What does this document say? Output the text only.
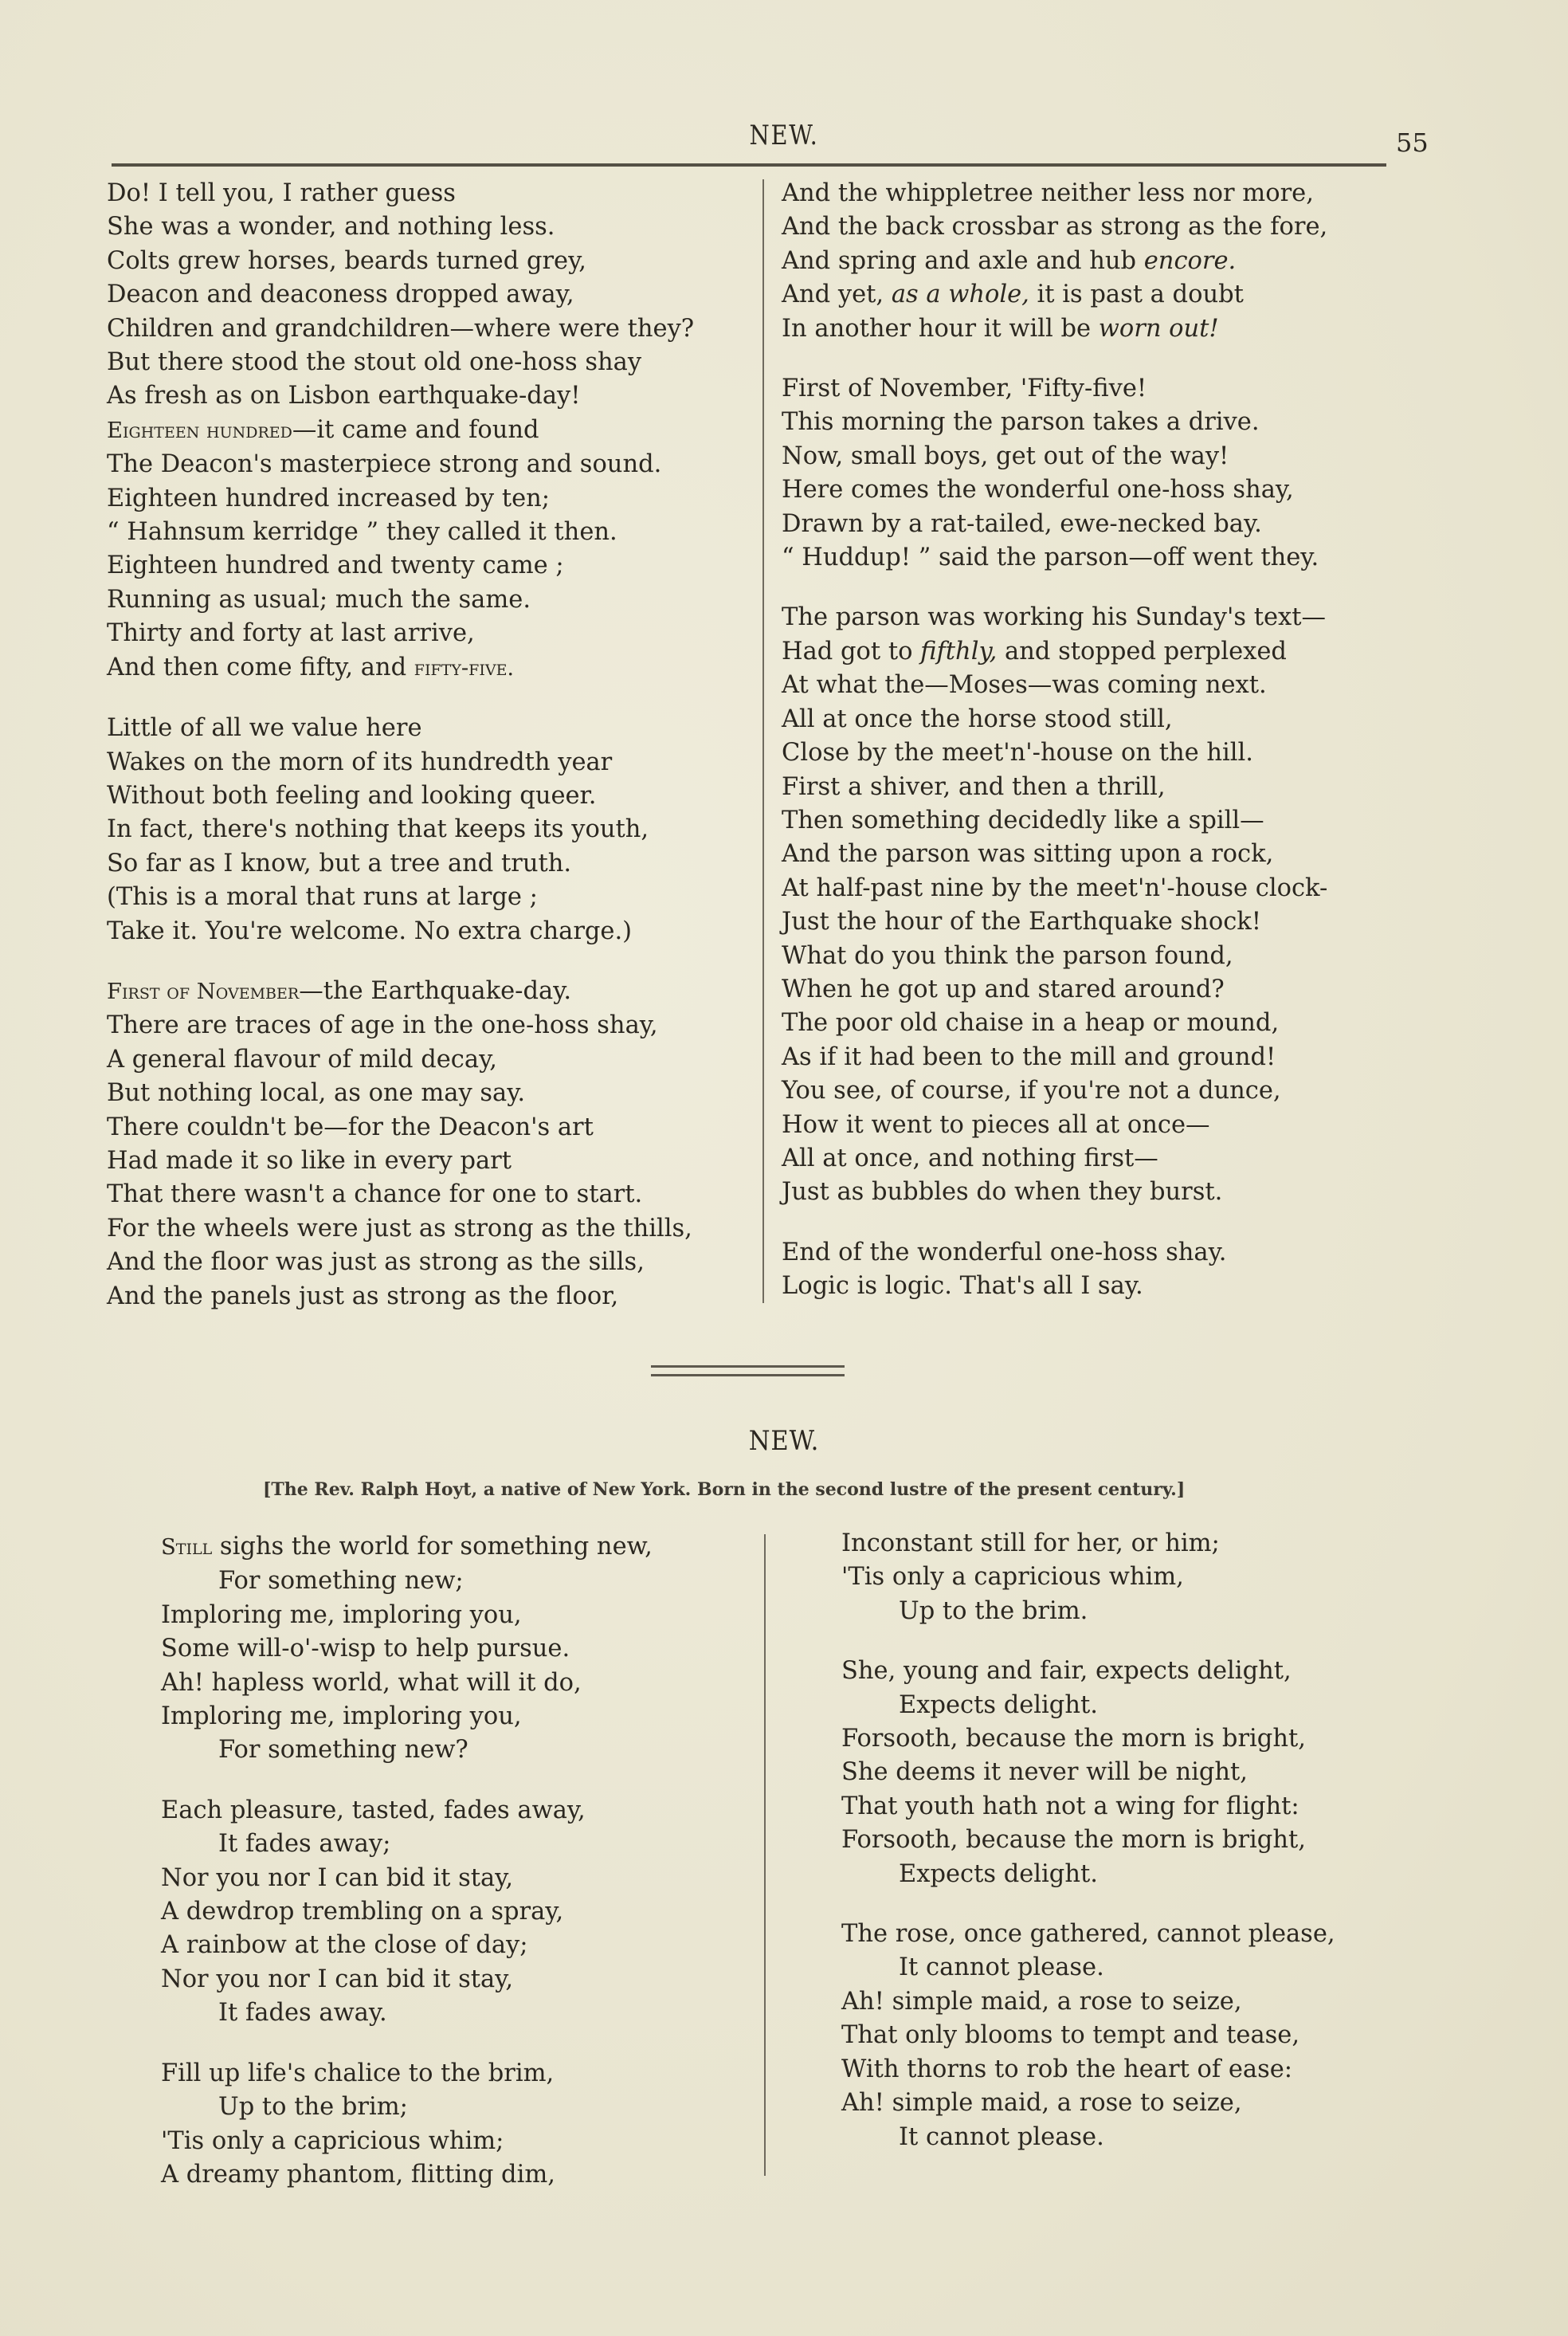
NEW.	55
Do! I tell you, I rather guess
She was a wonder, and nothing less.
Colts grew horses, beards turned grey,
Deacon and deaconess dropped away,
Children and grandchildren—where were they?
But there stood the stout old one-hoss shay
As fresh as on Lisbon earthquake-day!
Eighteen hundred—it came and found
The Deacon's masterpiece strong and sound.
Eighteen hundred increased by ten;
“ Hahnsum kerridge ” they called it then.
Eighteen hundred and twenty came ;
Running as usual; much the same.
Thirty and forty at last arrive,
And then come fifty, and fifty-five.
Little of all we value here
Wakes on the morn of its hundredth year
Without both feeling and looking queer.
In fact, there's nothing that keeps its youth,
So far as I know, but a tree and truth.
(This is a moral that runs at large ;
Take it. You're welcome. No extra charge.)
First of November—the Earthquake-day.
There are traces of age in the one-hoss shay,
A general flavour of mild decay,
But nothing local, as one may say.
There couldn't be—for the Deacon's art
Had made it so like in every part
That there wasn't a chance for one to start.
For the wheels were just as strong as the thills,
And the floor was just as strong as the sills,
And the panels just as strong as the floor,
And the whippletree neither less nor more,
And the back crossbar as strong as the fore,
And spring and axle and hub encore.
And yet, as a whole, it is past a doubt
In another hour it will be worn out!
First of November, 'Fifty-five!
This morning the parson takes a drive.
Now, small boys, get out of the way!
Here comes the wonderful one-hoss shay,
Drawn by a rat-tailed, ewe-necked bay.
“ Huddup! ” said the parson—off went they.
The parson was working his Sunday's text—
Had got to fifthly, and stopped perplexed
At what the—Moses—was coming next.
All at once the horse stood still,
Close by the meet'n'-house on the hill.
First a shiver, and then a thrill,
Then something decidedly like a spill—
And the parson was sitting upon a rock,
At half-past nine by the meet'n'-house clock-
Just the hour of the Earthquake shock!
What do you think the parson found,
When he got up and stared around?
The poor old chaise in a heap or mound,
As if it had been to the mill and ground!
You see, of course, if you're not a dunce,
How it went to pieces all at once—
All at once, and nothing first—
Just as bubbles do when they burst.
End of the wonderful one-hoss shay.
Logic is logic. That's all I say.
NEW.
[The Rev. Ralph Hoyt, a native of New York. Born in the second lustre of the present century.]
Still sighs the world for something new,
For something new;
Imploring me, imploring you,
Some will-o'-wisp to help pursue.
Ah! hapless world, what will it do,
Imploring me, imploring you,
For something new?
Each pleasure, tasted, fades away,
It fades away;
Nor you nor I can bid it stay,
A dewdrop trembling on a spray,
A rainbow at the close of day;
Nor you nor I can bid it stay,
It fades away.
Fill up life's chalice to the brim,
Up to the brim;
'Tis only a capricious whim;
A dreamy phantom, flitting dim,
Inconstant still for her, or him;
'Tis only a capricious whim,
Up to the brim.
She, young and fair, expects delight,
Expects delight.
Forsooth, because the morn is bright,
She deems it never will be night,
That youth hath not a wing for flight:
Forsooth, because the morn is bright,
Expects delight.
The rose, once gathered, cannot please,
It cannot please.
Ah! simple maid, a rose to seize,
That only blooms to tempt and tease,
With thorns to rob the heart of ease:
Ah! simple maid, a rose to seize,
It cannot please.
